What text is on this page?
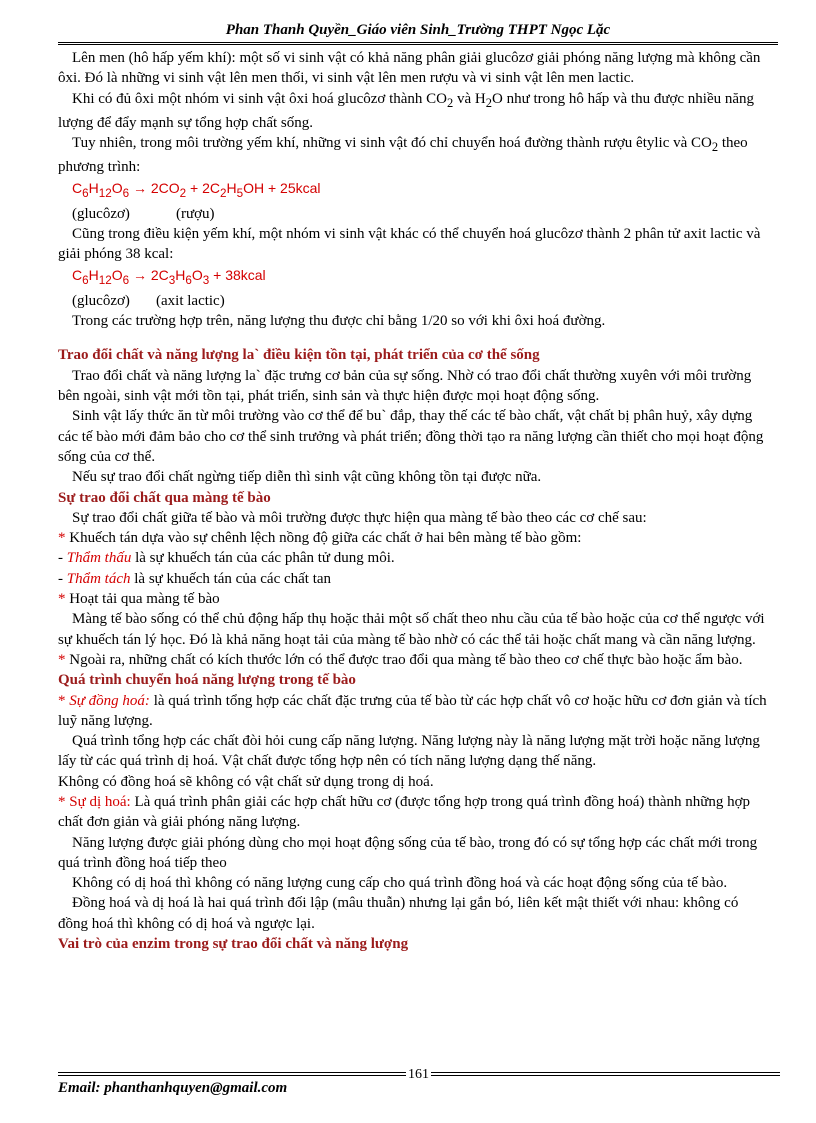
Phan Thanh Quyền_Giáo viên Sinh_Trường THPT Ngọc Lặc

Lên men (hô hấp yếm khí): một số vi sinh vật có khả năng phân giải glucôzơ giải phóng năng lượng mà không cần ôxi. Đó là những vi sinh vật lên men thối, vi sinh vật lên men rượu và vi sinh vật lên men lactic.

Khi có đủ ôxi một nhóm vi sinh vật ôxi hoá glucôzơ thành $CO_2$ và $H_2O$ như trong hô hấp và thu được nhiều năng lượng để đẩy mạnh sự tổng hợp chất sống.

Tuy nhiên, trong môi trường yếm khí, những vi sinh vật đó chỉ chuyển hoá đường thành rượu êtylic và $CO_2$ theo phương trình:

$C_6H_{12}O_6 \to 2CO_2 + 2C_2H_5OH$ + 25kcal

(glucôzơ)	(rượu)

Cũng trong điều kiện yếm khí, một nhóm vi sinh vật khác có thể chuyển hoá glucôzơ thành 2 phân tử axit lactic và giải phóng 38 kcal:

$C_6H_{12}O_6 \to 2C_3H_6O_3$ + 38kcal

(glucôzơ) (axit lactic)

Trong các trường hợp trên, năng lượng thu được chỉ bằng 1/20 so với khi ôxi hoá đường.

Trao đổi chất và năng lượng la` điều kiện tồn tại, phát triển của cơ thể sống

Trao đổi chất và năng lượng la` đặc trưng cơ bản của sự sống. Nhờ có trao đổi chất thường xuyên với môi trường bên ngoài, sinh vật mới tồn tại, phát triển, sinh sản và thực hiện được mọi hoạt động sống.

Sinh vật lấy thức ăn từ môi trường vào cơ thể để bu` đắp, thay thế các tế bào chất, vật chất bị phân huỷ, xây dựng các tế bào mới đảm bảo cho cơ thể sinh trưởng và phát triển; đồng thời tạo ra năng lượng cần thiết cho mọi hoạt động sống của cơ thể.

Nếu sự trao đổi chất ngừng tiếp diễn thì sinh vật cũng không tồn tại được nữa.

Sự trao đổi chất qua màng tế bào

Sự trao đổi chất giữa tế bào và môi trường được thực hiện qua màng tế bào theo các cơ chế sau:

* Khuếch tán dựa vào sự chênh lệch nồng độ giữa các chất ở hai bên màng tế bào gồm:

- Thẩm thấu là sự khuếch tán của các phân tử dung môi.

- Thẩm tách là sự khuếch tán của các chất tan

* Hoạt tải qua màng tế bào

Màng tế bào sống có thể chủ động hấp thụ hoặc thải một số chất theo nhu cầu của tế bào hoặc của cơ thể ngược với sự khuếch tán lý học. Đó là khả năng hoạt tải của màng tế bào nhờ có các thể tải hoặc chất mang và cần năng lượng.

* Ngoài ra, những chất có kích thước lớn có thể được trao đổi qua màng tế bào theo cơ chế thực bào hoặc ẩm bào.

Quá trình chuyển hoá năng lượng trong tế bào

* Sự đồng hoá: là quá trình tổng hợp các chất đặc trưng của tế bào từ các hợp chất vô cơ hoặc hữu cơ đơn giản và tích luỹ năng lượng.

Quá trình tổng hợp các chất đòi hỏi cung cấp năng lượng. Năng lượng này là năng lượng mặt trời hoặc năng lượng lấy từ các quá trình dị hoá. Vật chất được tổng hợp nên có tích năng lượng dạng thế năng.

Không có đồng hoá sẽ không có vật chất sử dụng trong dị hoá.

* Sự dị hoá: Là quá trình phân giải các hợp chất hữu cơ (được tổng hợp trong quá trình đồng hoá) thành những hợp chất đơn giản và giải phóng năng lượng.

Năng lượng được giải phóng dùng cho mọi hoạt động sống của tế bào, trong đó có sự tổng hợp các chất mới trong quá trình đồng hoá tiếp theo

Không có dị hoá thì không có năng lượng cung cấp cho quá trình đồng hoá và các hoạt động sống của tế bào.

Đồng hoá và dị hoá là hai quá trình đối lập (mâu thuẫn) nhưng lại gắn bó, liên kết mật thiết với nhau: không có đồng hoá thì không có dị hoá và ngược lại.

Vai trò của enzim trong sự trao đổi chất và năng lượng

161
Email: phanthanhquyen@gmail.com
